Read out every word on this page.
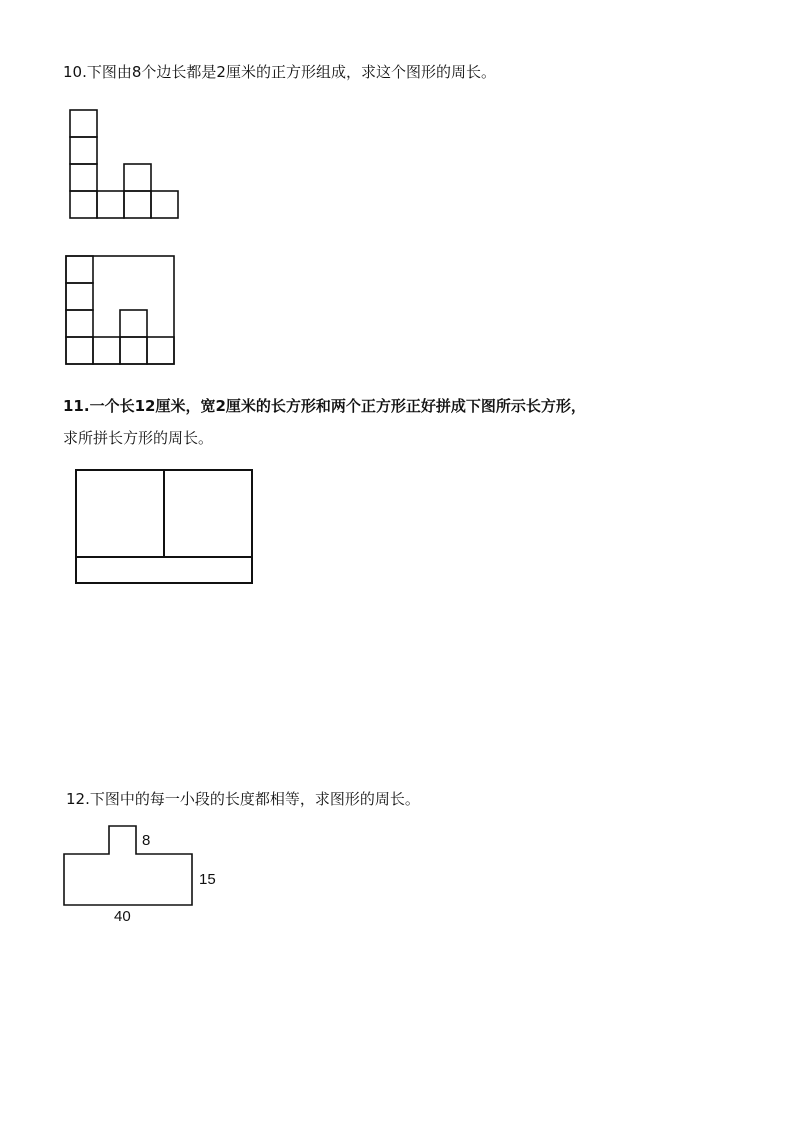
10.下图由8个边长都是2厘米的正方形组成，求这个图形的周长。
11.一个长12厘米，宽2厘米的长方形和两个正方形正好拼成下图所示长方形，
求所拼长方形的周长。
12.下图中的每一小段的长度都相等，求图形的周长。
8
15
40
